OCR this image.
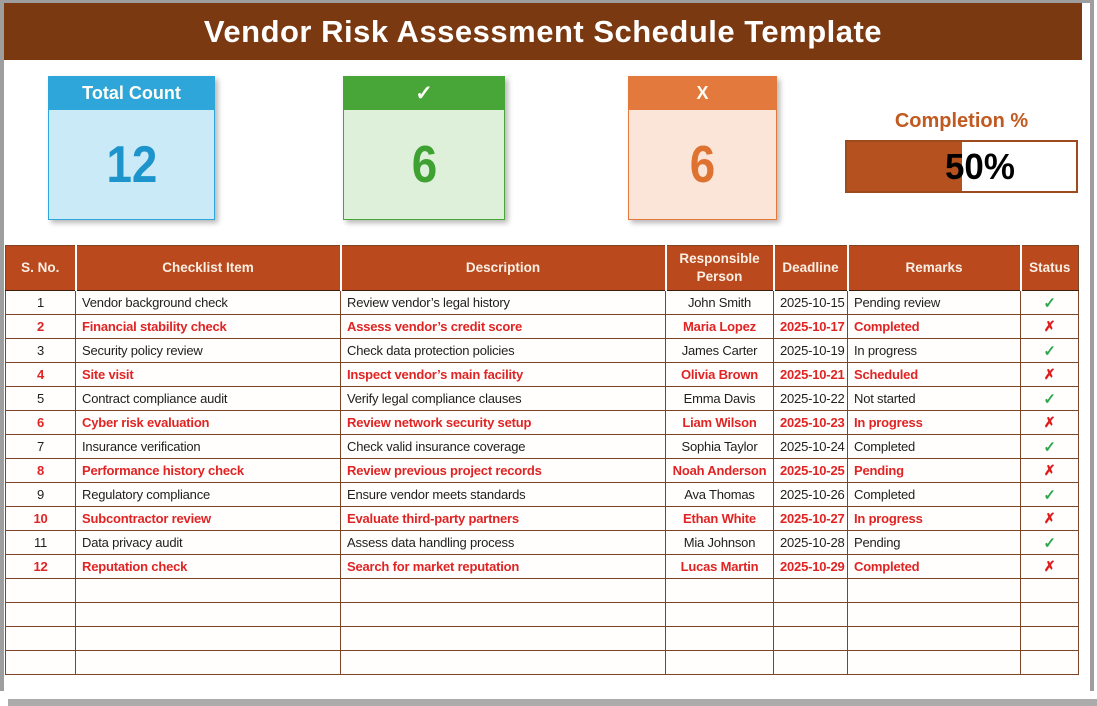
Vendor Risk Assessment Schedule Template
Total Count
12
✓
6
X
6
Completion %
50%
S. No.	Checklist Item	Description	Responsible Person	Deadline	Remarks	Status
1	Vendor background check	Review vendor’s legal history	John Smith	2025-10-15	Pending review	✓
2	Financial stability check	Assess vendor’s credit score	Maria Lopez	2025-10-17	Completed	✗
3	Security policy review	Check data protection policies	James Carter	2025-10-19	In progress	✓
4	Site visit	Inspect vendor’s main facility	Olivia Brown	2025-10-21	Scheduled	✗
5	Contract compliance audit	Verify legal compliance clauses	Emma Davis	2025-10-22	Not started	✓
6	Cyber risk evaluation	Review network security setup	Liam Wilson	2025-10-23	In progress	✗
7	Insurance verification	Check valid insurance coverage	Sophia Taylor	2025-10-24	Completed	✓
8	Performance history check	Review previous project records	Noah Anderson	2025-10-25	Pending	✗
9	Regulatory compliance	Ensure vendor meets standards	Ava Thomas	2025-10-26	Completed	✓
10	Subcontractor review	Evaluate third-party partners	Ethan White	2025-10-27	In progress	✗
11	Data privacy audit	Assess data handling process	Mia Johnson	2025-10-28	Pending	✓
12	Reputation check	Search for market reputation	Lucas Martin	2025-10-29	Completed	✗
